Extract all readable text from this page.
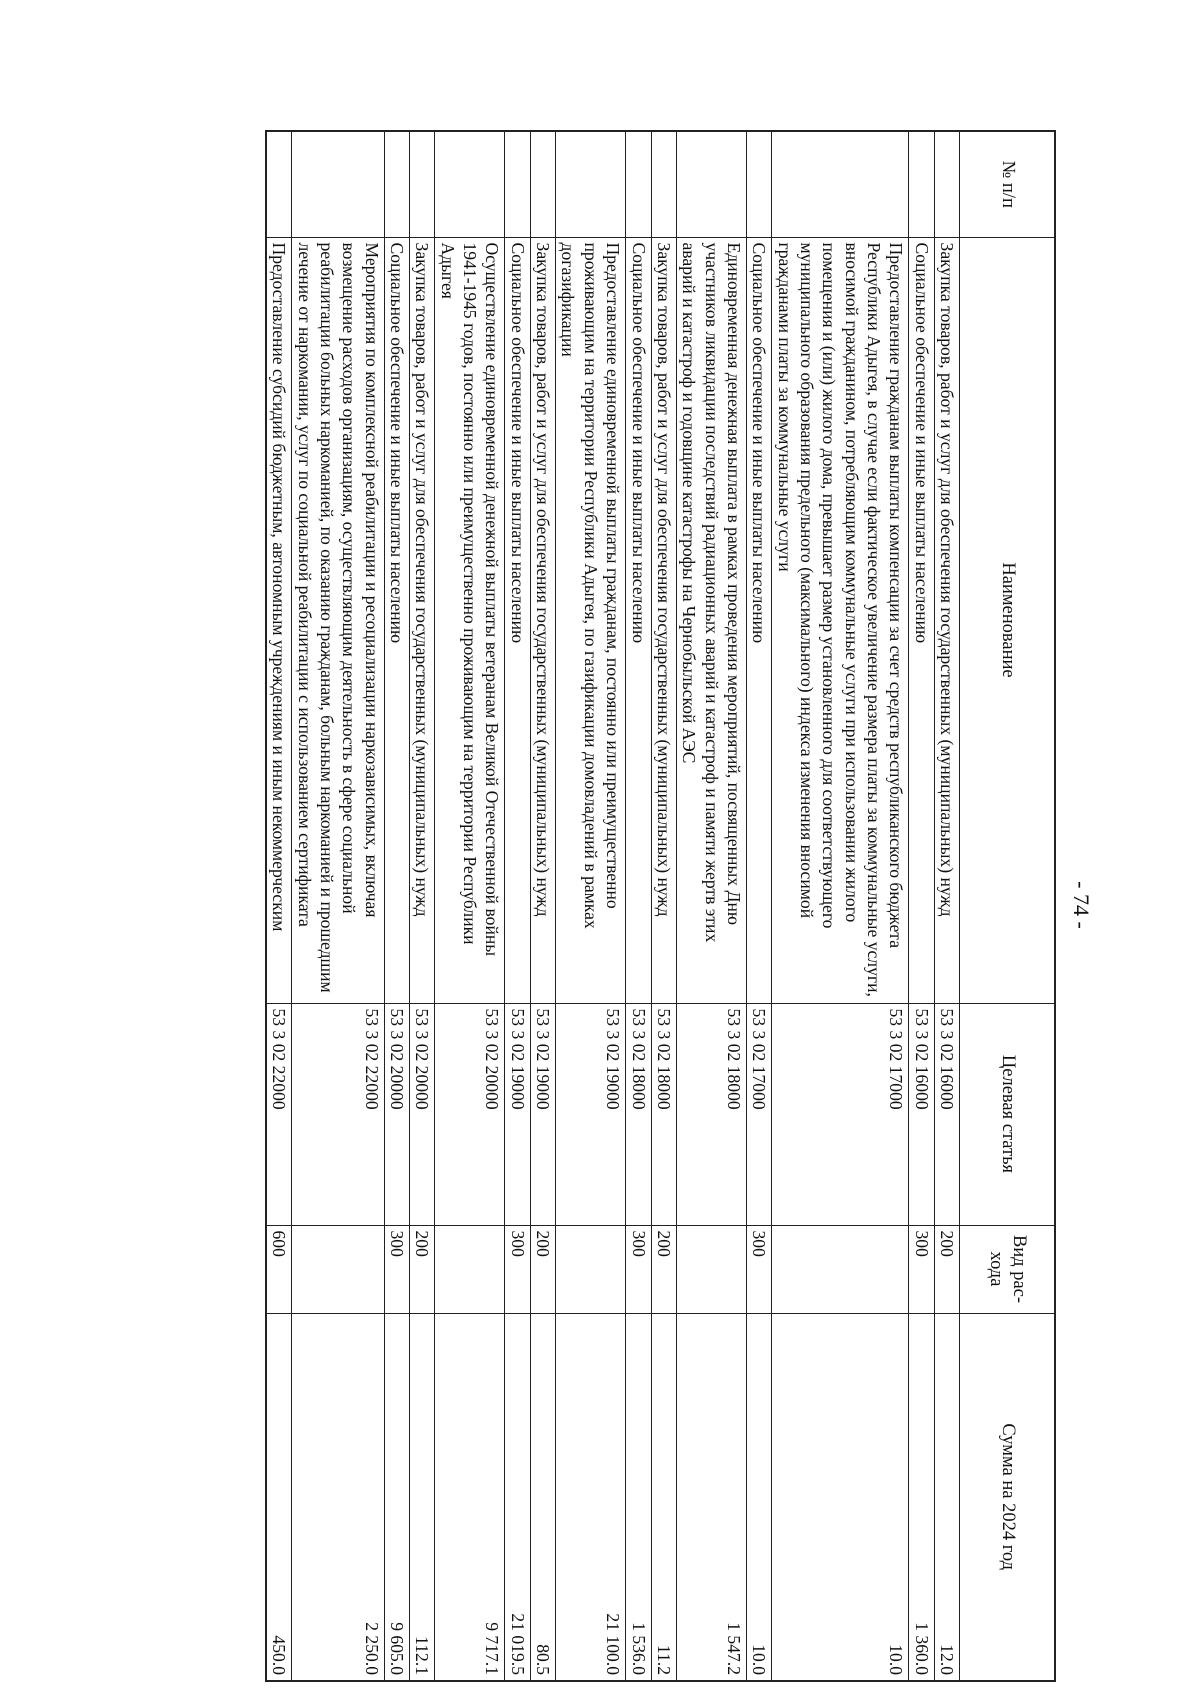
- 74 -
№ п/п	Наименование	Целевая статья	Вид рас-хода	Сумма на 2024 год
	Закупка товаров, работ и услуг для обеспечения государственных (муниципальных) нужд	53 3 02 16000	200	12.0
	Социальное обеспечение и иные выплаты населению	53 3 02 16000	300	1 360.0
	Предоставление гражданам выплаты компенсации за счет средств республиканского бюджета Республики Адыгея, в случае если фактическое увеличение размера платы за коммунальные услуги, вносимой гражданином, потребляющим коммунальные услуги при использовании жилого помещения и (или) жилого дома, превышает размер установленного для соответствующего муниципального образования предельного (максимального) индекса изменения вносимой гражданами платы за коммунальные услуги	53 3 02 17000		10.0
	Социальное обеспечение и иные выплаты населению	53 3 02 17000	300	10.0
	Единовременная денежная выплата в рамках проведения мероприятий, посвященных Дню участников ликвидации последствий радиационных аварий и катастроф и памяти жертв этих аварий и катастроф и годовщине катастрофы на Чернобыльской АЭС	53 3 02 18000		1 547.2
	Закупка товаров, работ и услуг для обеспечения государственных (муниципальных) нужд	53 3 02 18000	200	11.2
	Социальное обеспечение и иные выплаты населению	53 3 02 18000	300	1 536.0
	Предоставление единовременной выплаты гражданам, постоянно или преимущественно проживающим на территории Республики Адыгея, по газификации домовладений в рамках догазификации	53 3 02 19000		21 100.0
	Закупка товаров, работ и услуг для обеспечения государственных (муниципальных) нужд	53 3 02 19000	200	80.5
	Социальное обеспечение и иные выплаты населению	53 3 02 19000	300	21 019.5
	Осуществление единовременной денежной выплаты ветеранам Великой Отечественной войны 1941-1945 годов, постоянно или преимущественно проживающим на территории Республики Адыгея	53 3 02 20000		9 717.1
	Закупка товаров, работ и услуг для обеспечения государственных (муниципальных) нужд	53 3 02 20000	200	112.1
	Социальное обеспечение и иные выплаты населению	53 3 02 20000	300	9 605.0
	Мероприятия по комплексной реабилитации и ресоциализации наркозависимых, включая возмещение расходов организациям, осуществляющим деятельность в сфере социальной реабилитации больных наркоманией, по оказанию гражданам, больным наркоманией и прошедшим лечение от наркомании, услуг по социальной реабилитации с использованием сертификата	53 3 02 22000		2 250.0
	Предоставление субсидий бюджетным, автономным учреждениям и иным некоммерческим	53 3 02 22000	600	450.0
